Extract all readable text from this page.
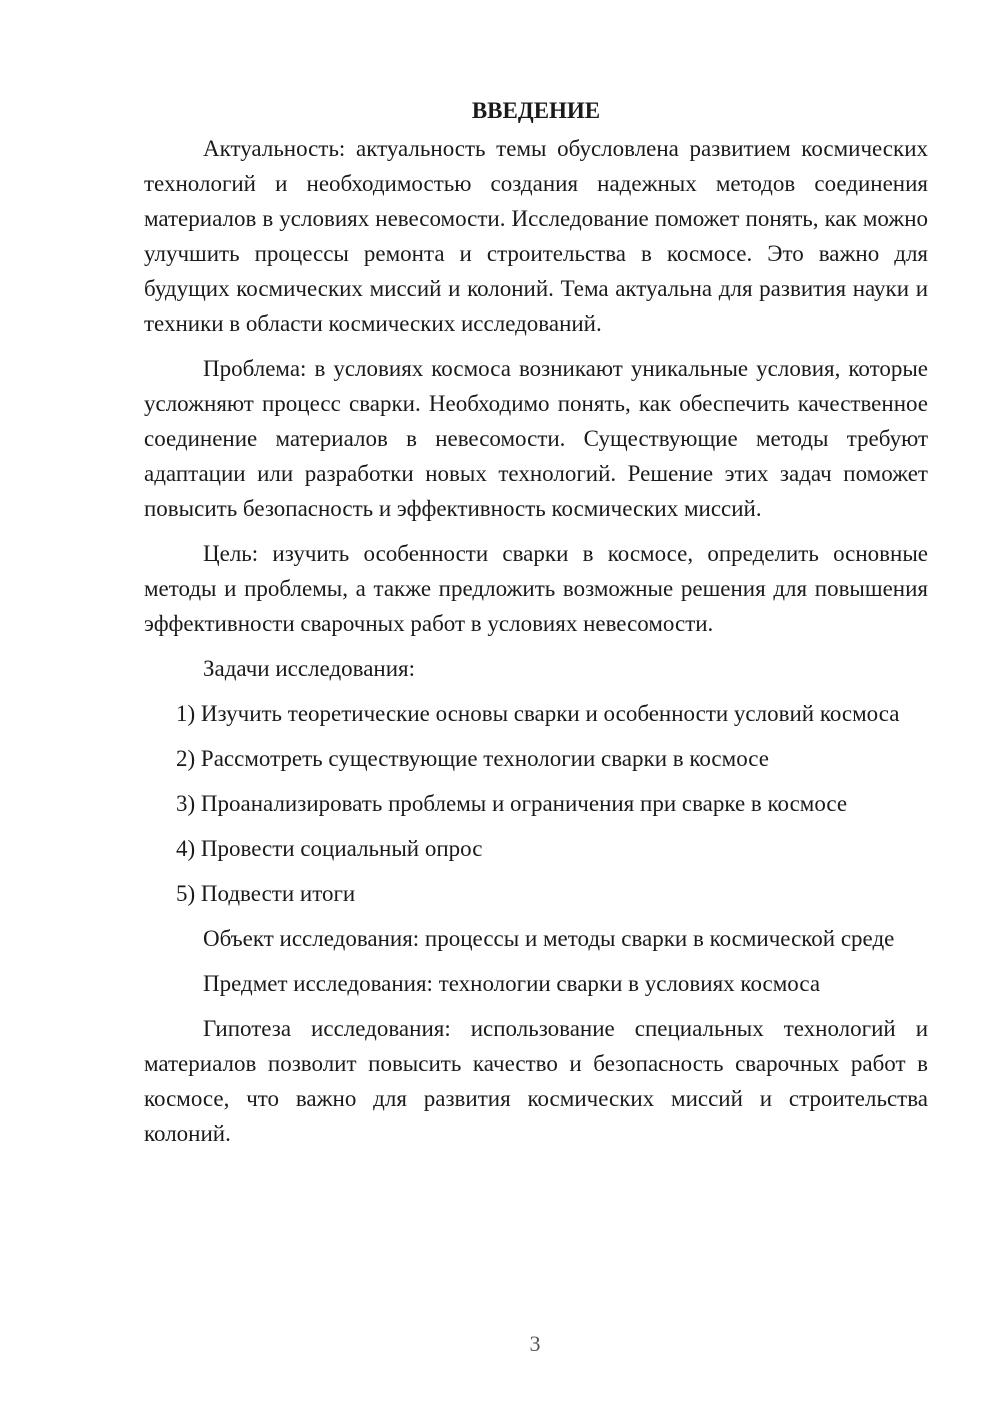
ВВЕДЕНИЕ

Актуальность: актуальность темы обусловлена развитием космических технологий и необходимостью создания надежных методов соединения материалов в условиях невесомости. Исследование поможет понять, как можно улучшить процессы ремонта и строительства в космосе. Это важно для будущих космических миссий и колоний. Тема актуальна для развития науки и техники в области космических исследований.

Проблема: в условиях космоса возникают уникальные условия, которые усложняют процесс сварки. Необходимо понять, как обеспечить качественное соединение материалов в невесомости. Существующие методы требуют адаптации или разработки новых технологий. Решение этих задач поможет повысить безопасность и эффективность космических миссий.

Цель: изучить особенности сварки в космосе, определить основные методы и проблемы, а также предложить возможные решения для повышения эффективности сварочных работ в условиях невесомости.

Задачи исследования:

1) Изучить теоретические основы сварки и особенности условий космоса

2) Рассмотреть существующие технологии сварки в космосе

3) Проанализировать проблемы и ограничения при сварке в космосе

4) Провести социальный опрос

5) Подвести итоги

Объект исследования: процессы и методы сварки в космической среде

Предмет исследования: технологии сварки в условиях космоса

Гипотеза исследования: использование специальных технологий и материалов позволит повысить качество и безопасность сварочных работ в космосе, что важно для развития космических миссий и строительства колоний.

3
